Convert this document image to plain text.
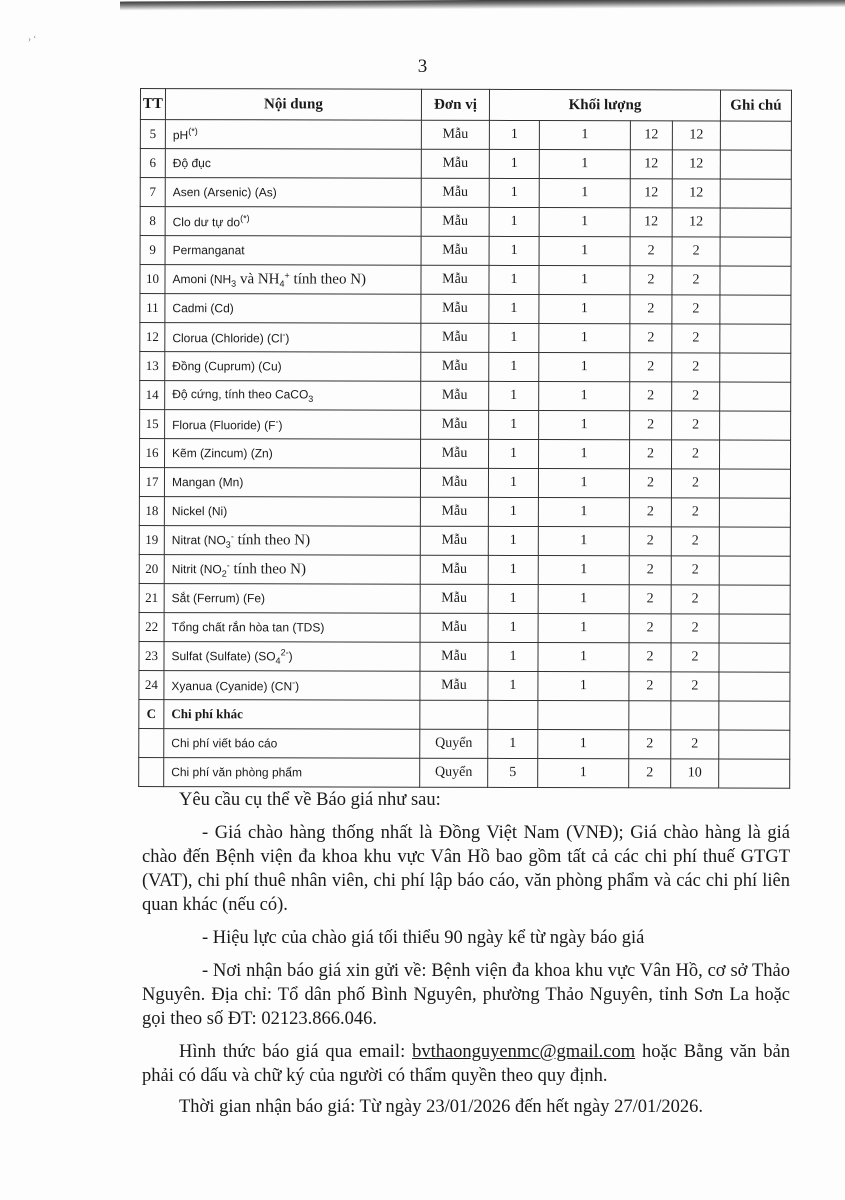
› ‘
3
TT	Nội dung	Đơn vị	Khối lượng				Ghi chú
5	pH(*)	Mẫu	1	1	12	12	
6	Độ đục	Mẫu	1	1	12	12	
7	Asen (Arsenic) (As)	Mẫu	1	1	12	12	
8	Clo dư tự do(*)	Mẫu	1	1	12	12	
9	Permanganat	Mẫu	1	1	2	2	
10	Amoni ($NH_3$ và $NH_4^+$ tính theo N)	Mẫu	1	1	2	2	
11	Cadmi (Cd)	Mẫu	1	1	2	2	
12	Clorua (Chloride) (Cl-)	Mẫu	1	1	2	2	
13	Đồng (Cuprum) (Cu)	Mẫu	1	1	2	2	
14	Độ cứng, tính theo CaCO$_3$	Mẫu	1	1	2	2	
15	Florua (Fluoride) (F-)	Mẫu	1	1	2	2	
16	Kẽm (Zincum) (Zn)	Mẫu	1	1	2	2	
17	Mangan (Mn)	Mẫu	1	1	2	2	
18	Nickel (Ni)	Mẫu	1	1	2	2	
19	Nitrat ($NO_3^-$ tính theo N)	Mẫu	1	1	2	2	
20	Nitrit ($NO_2^-$ tính theo N)	Mẫu	1	1	2	2	
21	Sắt (Ferrum) (Fe)	Mẫu	1	1	2	2	
22	Tổng chất rắn hòa tan (TDS)	Mẫu	1	1	2	2	
23	Sulfat (Sulfate) $(SO_4^{2-})$	Mẫu	1	1	2	2	
24	Xyanua (Cyanide) (CN-)	Mẫu	1	1	2	2	
C	Chi phí khác						
	Chi phí viết báo cáo	Quyển	1	1	2	2	
	Chi phí văn phòng phẩm	Quyển	5	1	2	10	

Yêu cầu cụ thể về Báo giá như sau:

- Giá chào hàng thống nhất là Đồng Việt Nam (VNĐ); Giá chào hàng là giá chào đến Bệnh viện đa khoa khu vực Vân Hồ bao gồm tất cả các chi phí thuế GTGT (VAT), chi phí thuê nhân viên, chi phí lập báo cáo, văn phòng phẩm và các chi phí liên quan khác (nếu có).

- Hiệu lực của chào giá tối thiểu 90 ngày kể từ ngày báo giá

- Nơi nhận báo giá xin gửi về: Bệnh viện đa khoa khu vực Vân Hồ, cơ sở Thảo Nguyên. Địa chỉ: Tổ dân phố Bình Nguyên, phường Thảo Nguyên, tỉnh Sơn La hoặc gọi theo số ĐT: 02123.866.046.

Hình thức báo giá qua email: bvthaonguyenmc@gmail.com hoặc Bằng văn bản phải có dấu và chữ ký của người có thẩm quyền theo quy định.

Thời gian nhận báo giá: Từ ngày 23/01/2026 đến hết ngày 27/01/2026.
